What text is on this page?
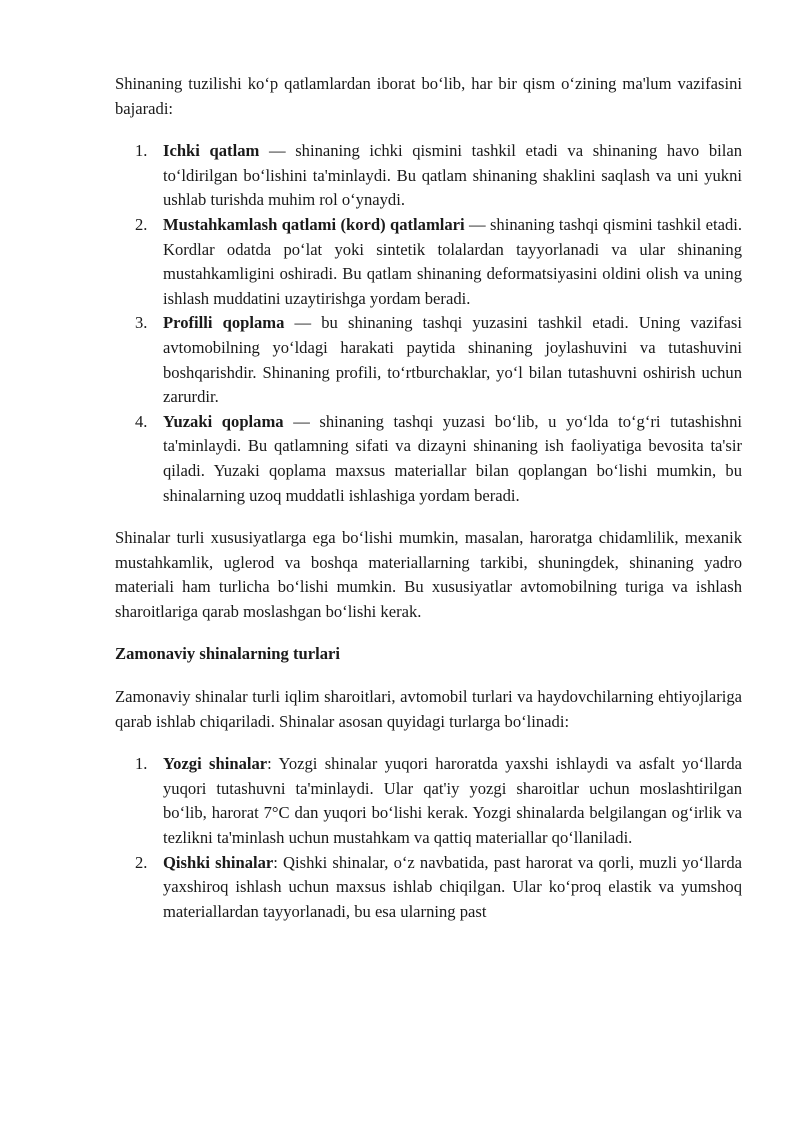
Shinaning tuzilishi ko‘p qatlamlardan iborat bo‘lib, har bir qism o‘zining ma'lum vazifasini bajaradi:

1. Ichki qatlam — shinaning ichki qismini tashkil etadi va shinaning havo bilan to‘ldirilgan bo‘lishini ta'minlaydi. Bu qatlam shinaning shaklini saqlash va uni yukni ushlab turishda muhim rol o‘ynaydi.
2. Mustahkamlash qatlami (kord) qatlamlari — shinaning tashqi qismini tashkil etadi. Kordlar odatda po‘lat yoki sintetik tolalardan tayyorlanadi va ular shinaning mustahkamligini oshiradi. Bu qatlam shinaning deformatsiyasini oldini olish va uning ishlash muddatini uzaytirishga yordam beradi.
3. Profilli qoplama — bu shinaning tashqi yuzasini tashkil etadi. Uning vazifasi avtomobilning yo‘ldagi harakati paytida shinaning joylashuvini va tutashuvini boshqarishdir. Shinaning profili, to‘rtburchaklar, yo‘l bilan tutashuvni oshirish uchun zarurdir.
4. Yuzaki qoplama — shinaning tashqi yuzasi bo‘lib, u yo‘lda to‘g‘ri tutashishni ta'minlaydi. Bu qatlamning sifati va dizayni shinaning ish faoliyatiga bevosita ta'sir qiladi. Yuzaki qoplama maxsus materiallar bilan qoplangan bo‘lishi mumkin, bu shinalarning uzoq muddatli ishlashiga yordam beradi.

Shinalar turli xususiyatlarga ega bo‘lishi mumkin, masalan, haroratga chidamlilik, mexanik mustahkamlik, uglerod va boshqa materiallarning tarkibi, shuningdek, shinaning yadro materiali ham turlicha bo‘lishi mumkin. Bu xususiyatlar avtomobilning turiga va ishlash sharoitlariga qarab moslashgan bo‘lishi kerak.

Zamonaviy shinalarning turlari

Zamonaviy shinalar turli iqlim sharoitlari, avtomobil turlari va haydovchilarning ehtiyojlariga qarab ishlab chiqariladi. Shinalar asosan quyidagi turlarga bo‘linadi:

1. Yozgi shinalar: Yozgi shinalar yuqori haroratda yaxshi ishlaydi va asfalt yo‘llarda yuqori tutashuvni ta'minlaydi. Ular qat'iy yozgi sharoitlar uchun moslashtirilgan bo‘lib, harorat 7°C dan yuqori bo‘lishi kerak. Yozgi shinalarda belgilangan og‘irlik va tezlikni ta'minlash uchun mustahkam va qattiq materiallar qo‘llaniladi.
2. Qishki shinalar: Qishki shinalar, o‘z navbatida, past harorat va qorli, muzli yo‘llarda yaxshiroq ishlash uchun maxsus ishlab chiqilgan. Ular ko‘proq elastik va yumshoq materiallardan tayyorlanadi, bu esa ularning past
